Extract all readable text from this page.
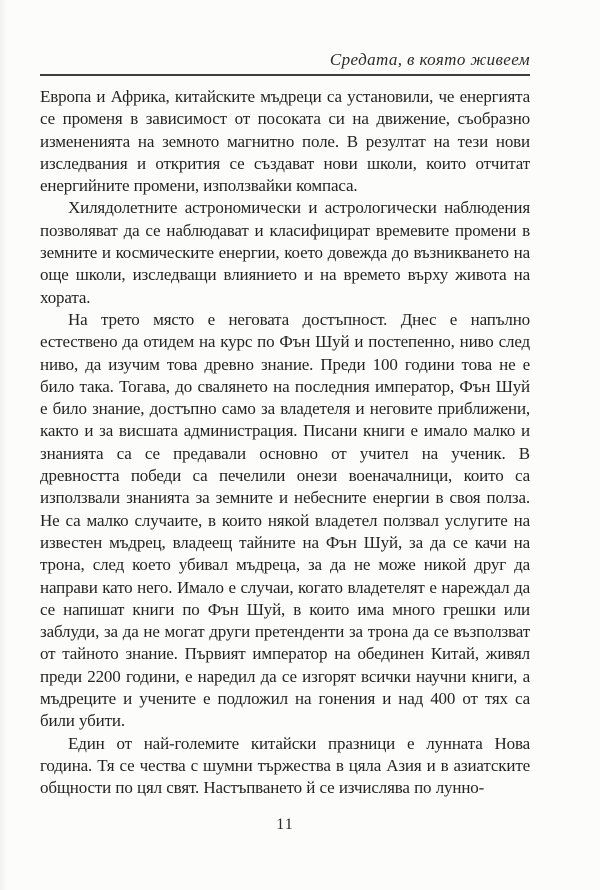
Средата, в която живеем

Европа и Африка, китайските мъдреци са установили, че енергията се променя в зависимост от посоката си на движение, съобразно измененията на земното магнитно поле. В резултат на тези нови изследвания и открития се създават нови школи, които отчитат енергийните промени, използвайки компаса.

Хилядолетните астрономически и астрологически наблюдения позволяват да се наблюдават и класифицират времевите промени в земните и космическите енергии, което довежда до възникването на още школи, изследващи влиянието и на времето върху живота на хората.

На трето място е неговата достъпност. Днес е напълно естествено да отидем на курс по Фън Шуй и постепенно, ниво след ниво, да изучим това древно знание. Преди 100 години това не е било така. Тогава, до свалянето на последния император, Фън Шуй е било знание, достъпно само за владетеля и неговите приближени, както и за висшата администрация. Писани книги е имало малко и знанията са се предавали основно от учител на ученик. В древността победи са печелили онези военачалници, които са използвали знанията за земните и небесните енергии в своя полза. Не са малко случаите, в които някой владетел ползвал услугите на известен мъдрец, владеещ тайните на Фън Шуй, за да се качи на трона, след което убивал мъдреца, за да не може никой друг да направи като него. Имало е случаи, когато владетелят е нареждал да се напишат книги по Фън Шуй, в които има много грешки или заблуди, за да не могат други претенденти за трона да се възползват от тайното знание. Първият император на обединен Китай, живял преди 2200 години, е наредил да се изгорят всички научни книги, а мъдреците и учените е подложил на гонения и над 400 от тях са били убити.

Един от най-големите китайски празници е лунната Нова година. Тя се чества с шумни тържества в цяла Азия и в азиатските общности по цял свят. Настъпването й се изчислява по лунно-

11
